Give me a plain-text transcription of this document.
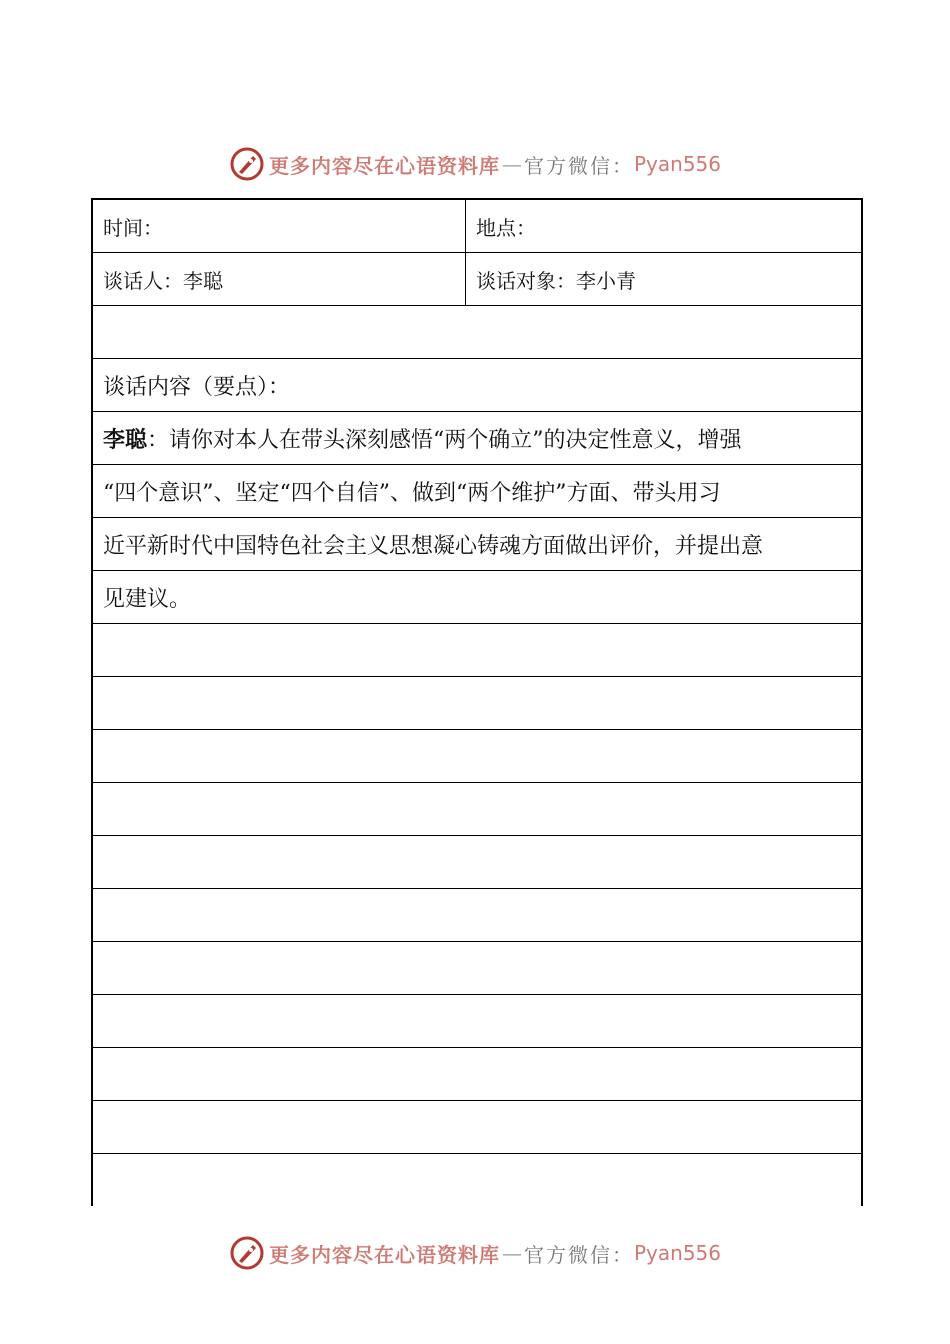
更多内容尽在心语资料库 — 官方微信： Pyan556
时间：	地点：
谈话人：李聪	谈话对象：李小青
谈话内容（要点）：
李聪：请你对本人在带头深刻感悟“两个确立”的决定性意义，增强
“四个意识”、坚定“四个自信”、做到“两个维护”方面、带头用习
近平新时代中国特色社会主义思想凝心铸魂方面做出评价，并提出意
见建议。
更多内容尽在心语资料库 — 官方微信： Pyan556
